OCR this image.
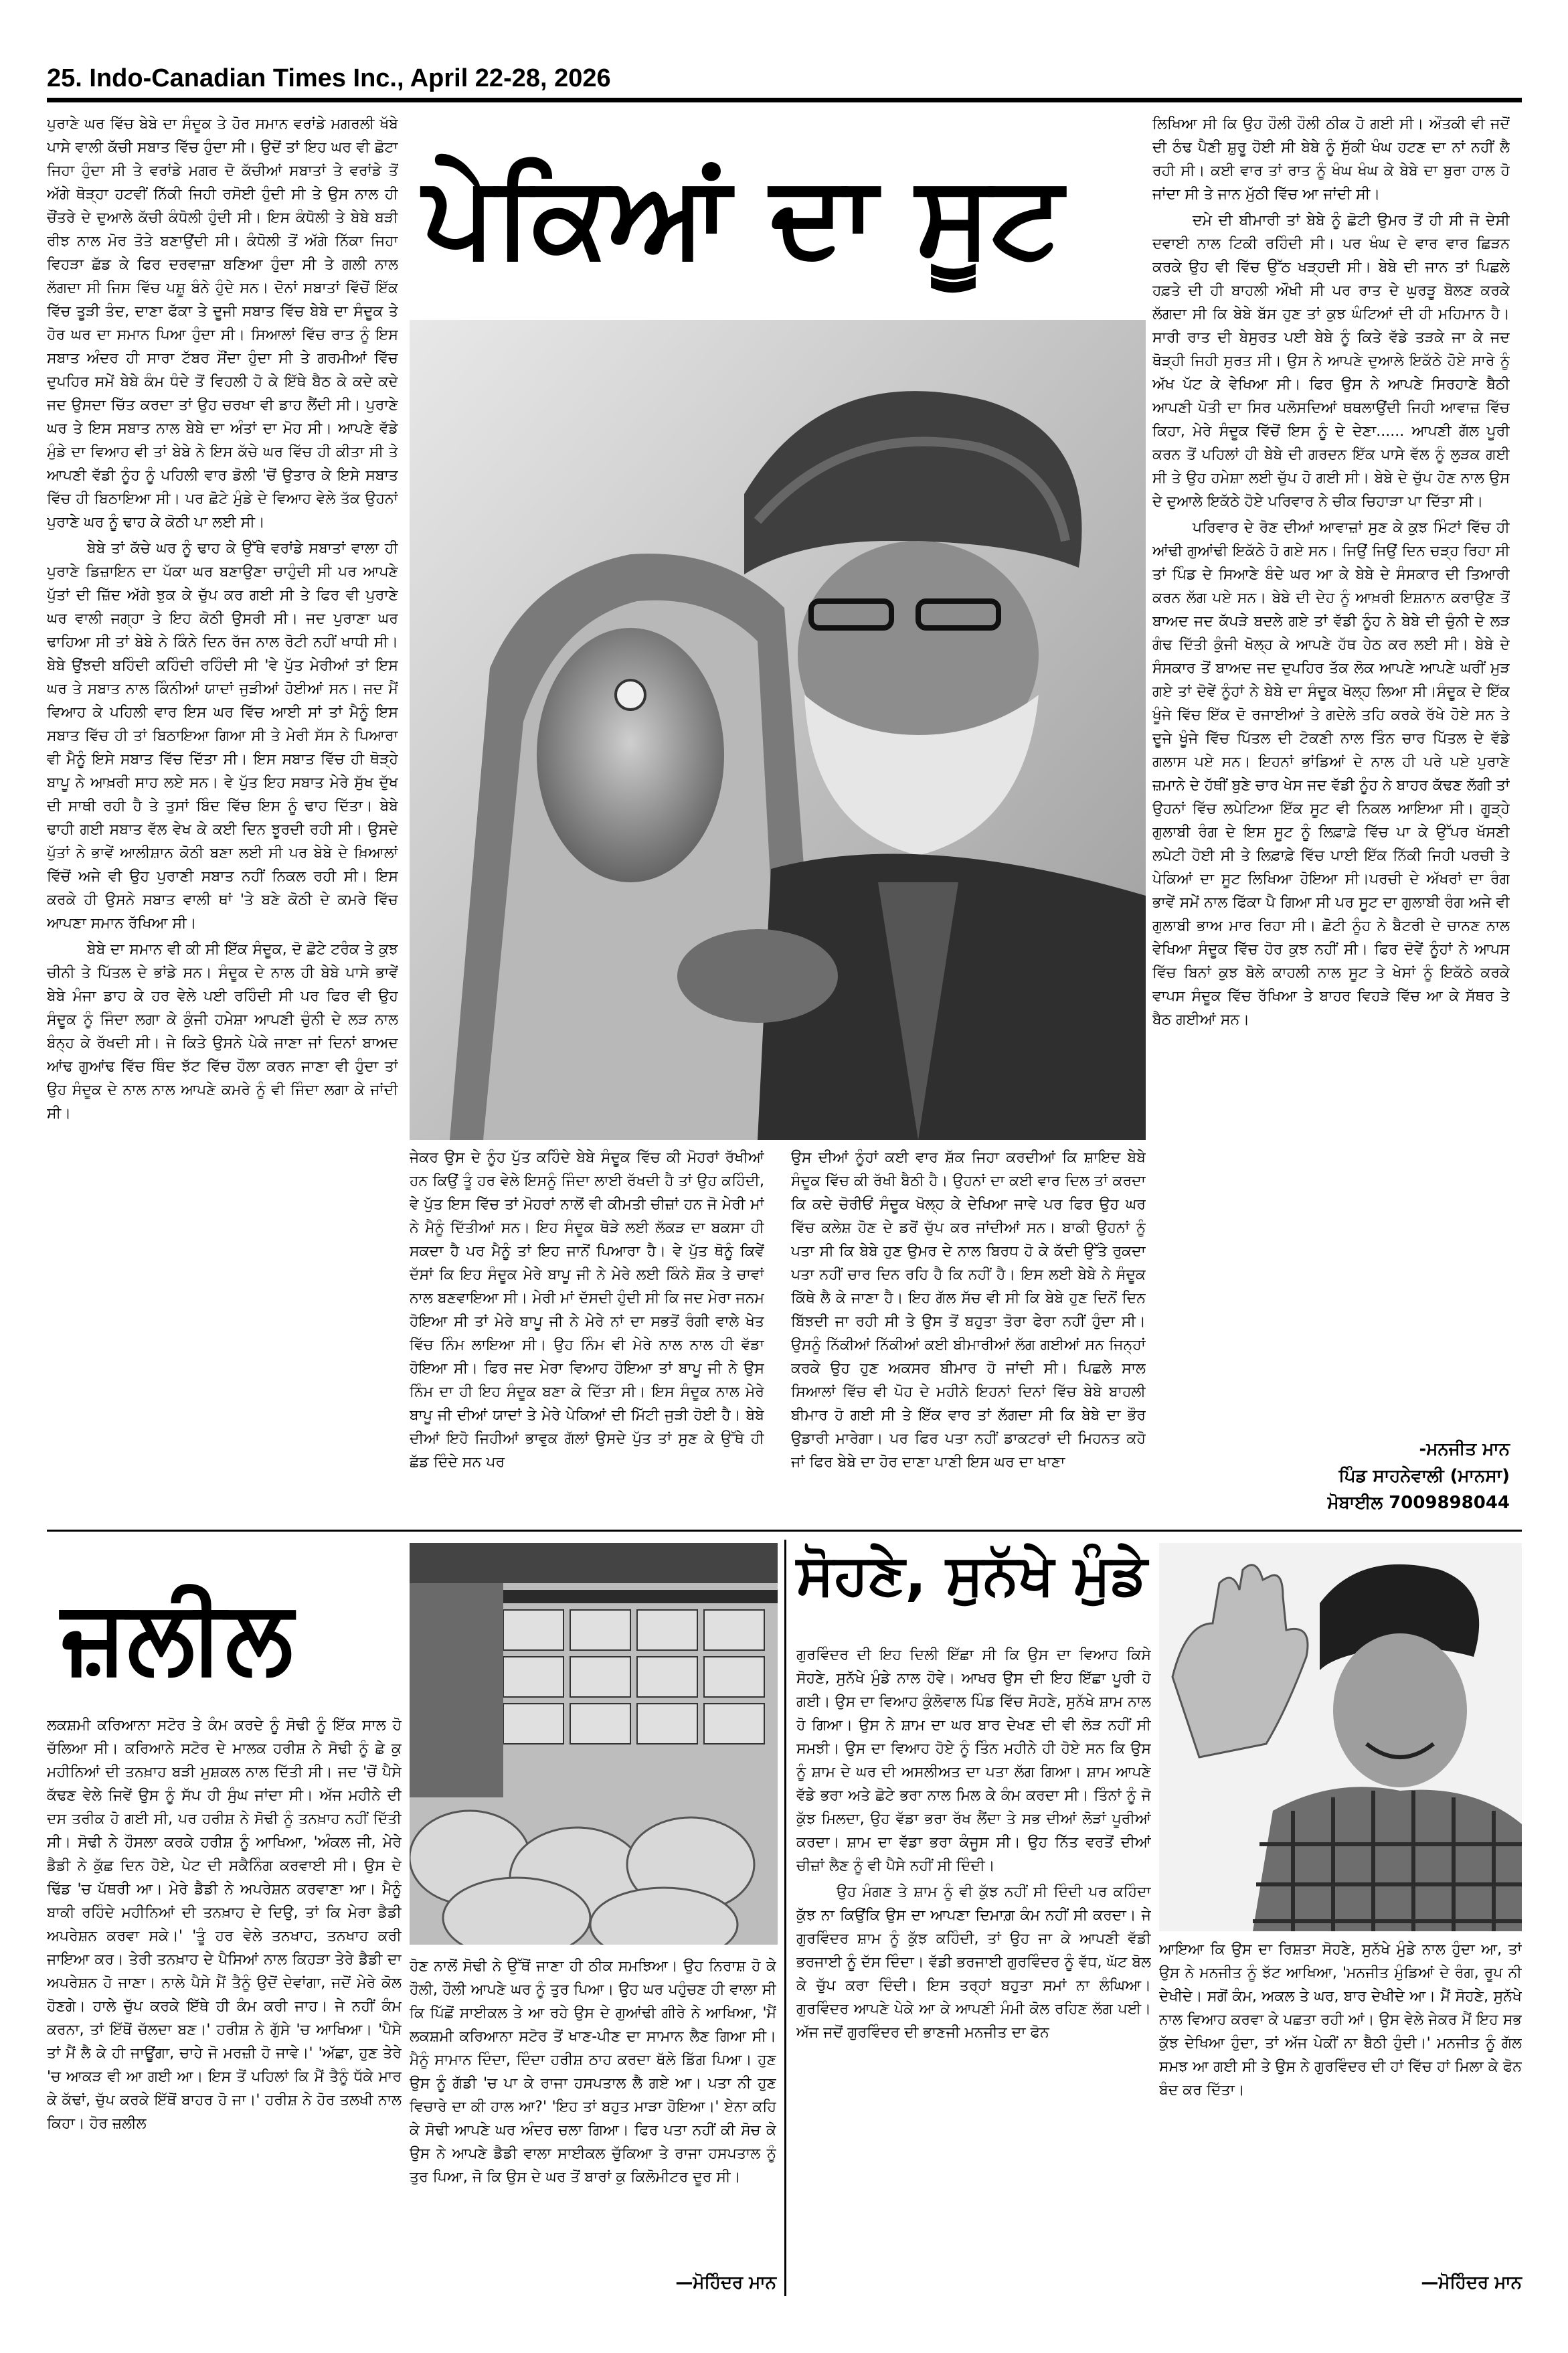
25. Indo-Canadian Times Inc., April 22-28, 2026

ਪੁਰਾਣੇ ਘਰ ਵਿੱਚ ਬੇਬੇ ਦਾ ਸੰਦੂਕ ਤੇ ਹੋਰ ਸਮਾਨ ਵਰਾਂਡੇ ਮਗਰਲੀ ਖੱਬੇ ਪਾਸੇ ਵਾਲੀ ਕੱਚੀ ਸਬਾਤ ਵਿੱਚ ਹੁੰਦਾ ਸੀ। ਉਦੋਂ ਤਾਂ ਇਹ ਘਰ ਵੀ ਛੋਟਾ ਜਿਹਾ ਹੁੰਦਾ ਸੀ ਤੇ ਵਰਾਂਡੇ ਮਗਰ ਦੋ ਕੱਚੀਆਂ ਸਬਾਤਾਂ ਤੇ ਵਰਾਂਡੇ ਤੋਂ ਅੱਗੇ ਥੋੜ੍ਹਾ ਹਟਵੀਂ ਨਿੱਕੀ ਜਿਹੀ ਰਸੋਈ ਹੁੰਦੀ ਸੀ ਤੇ ਉਸ ਨਾਲ ਹੀ ਚੌਂਤਰੇ ਦੇ ਦੁਆਲੇ ਕੱਚੀ ਕੰਧੋਲੀ ਹੁੰਦੀ ਸੀ। ਇਸ ਕੰਧੋਲੀ ਤੇ ਬੇਬੇ ਬੜੀ ਰੀਝ ਨਾਲ ਮੋਰ ਤੋਤੇ ਬਣਾਉਂਦੀ ਸੀ। ਕੰਧੋਲੀ ਤੋਂ ਅੱਗੇ ਨਿੱਕਾ ਜਿਹਾ ਵਿਹੜਾ ਛੱਡ ਕੇ ਫਿਰ ਦਰਵਾਜ਼ਾ ਬਣਿਆ ਹੁੰਦਾ ਸੀ ਤੇ ਗਲੀ ਨਾਲ ਲੱਗਦਾ ਸੀ ਜਿਸ ਵਿੱਚ ਪਸ਼ੂ ਬੰਨੇ ਹੁੰਦੇ ਸਨ। ਦੋਨਾਂ ਸਬਾਤਾਂ ਵਿੱਚੋਂ ਇੱਕ ਵਿੱਚ ਤੂੜੀ ਤੰਦ, ਦਾਣਾ ਫੱਕਾ ਤੇ ਦੂਜੀ ਸਬਾਤ ਵਿੱਚ ਬੇਬੇ ਦਾ ਸੰਦੂਕ ਤੇ ਹੋਰ ਘਰ ਦਾ ਸਮਾਨ ਪਿਆ ਹੁੰਦਾ ਸੀ। ਸਿਆਲਾਂ ਵਿੱਚ ਰਾਤ ਨੂੰ ਇਸ ਸਬਾਤ ਅੰਦਰ ਹੀ ਸਾਰਾ ਟੱਬਰ ਸੌਂਦਾ ਹੁੰਦਾ ਸੀ ਤੇ ਗਰਮੀਆਂ ਵਿੱਚ ਦੁਪਹਿਰ ਸਮੇਂ ਬੇਬੇ ਕੰਮ ਧੰਦੇ ਤੋਂ ਵਿਹਲੀ ਹੋ ਕੇ ਇੱਥੇ ਬੈਠ ਕੇ ਕਦੇ ਕਦੇ ਜਦ ਉਸਦਾ ਚਿੱਤ ਕਰਦਾ ਤਾਂ ਉਹ ਚਰਖਾ ਵੀ ਡਾਹ ਲੈਂਦੀ ਸੀ। ਪੁਰਾਣੇ ਘਰ ਤੇ ਇਸ ਸਬਾਤ ਨਾਲ ਬੇਬੇ ਦਾ ਅੰਤਾਂ ਦਾ ਮੋਹ ਸੀ। ਆਪਣੇ ਵੱਡੇ ਮੁੰਡੇ ਦਾ ਵਿਆਹ ਵੀ ਤਾਂ ਬੇਬੇ ਨੇ ਇਸ ਕੱਚੇ ਘਰ ਵਿੱਚ ਹੀ ਕੀਤਾ ਸੀ ਤੇ ਆਪਣੀ ਵੱਡੀ ਨੂੰਹ ਨੂੰ ਪਹਿਲੀ ਵਾਰ ਡੋਲੀ 'ਚੋਂ ਉਤਾਰ ਕੇ ਇਸੇ ਸਬਾਤ ਵਿੱਚ ਹੀ ਬਿਠਾਇਆ ਸੀ। ਪਰ ਛੋਟੇ ਮੁੰਡੇ ਦੇ ਵਿਆਹ ਵੇਲੇ ਤੱਕ ਉਹਨਾਂ ਪੁਰਾਣੇ ਘਰ ਨੂੰ ਢਾਹ ਕੇ ਕੋਠੀ ਪਾ ਲਈ ਸੀ।

ਬੇਬੇ ਤਾਂ ਕੱਚੇ ਘਰ ਨੂੰ ਢਾਹ ਕੇ ਉੱਥੇ ਵਰਾਂਡੇ ਸਬਾਤਾਂ ਵਾਲਾ ਹੀ ਪੁਰਾਣੇ ਡਿਜ਼ਾਇਨ ਦਾ ਪੱਕਾ ਘਰ ਬਣਾਉਣਾ ਚਾਹੁੰਦੀ ਸੀ ਪਰ ਆਪਣੇ ਪੁੱਤਾਂ ਦੀ ਜ਼ਿੱਦ ਅੱਗੇ ਝੁਕ ਕੇ ਚੁੱਪ ਕਰ ਗਈ ਸੀ ਤੇ ਫਿਰ ਵੀ ਪੁਰਾਣੇ ਘਰ ਵਾਲੀ ਜਗ੍ਹਾ ਤੇ ਇਹ ਕੋਠੀ ਉਸਰੀ ਸੀ। ਜਦ ਪੁਰਾਣਾ ਘਰ ਢਾਹਿਆ ਸੀ ਤਾਂ ਬੇਬੇ ਨੇ ਕਿੰਨੇ ਦਿਨ ਰੱਜ ਨਾਲ ਰੋਟੀ ਨਹੀਂ ਖਾਧੀ ਸੀ। ਬੇਬੇ ਉਂਝਦੀ ਬਹਿੰਦੀ ਕਹਿੰਦੀ ਰਹਿੰਦੀ ਸੀ 'ਵੇ ਪੁੱਤ ਮੇਰੀਆਂ ਤਾਂ ਇਸ ਘਰ ਤੇ ਸਬਾਤ ਨਾਲ ਕਿੰਨੀਆਂ ਯਾਦਾਂ ਜੁੜੀਆਂ ਹੋਈਆਂ ਸਨ। ਜਦ ਮੈਂ ਵਿਆਹ ਕੇ ਪਹਿਲੀ ਵਾਰ ਇਸ ਘਰ ਵਿੱਚ ਆਈ ਸਾਂ ਤਾਂ ਮੈਨੂੰ ਇਸ ਸਬਾਤ ਵਿੱਚ ਹੀ ਤਾਂ ਬਿਠਾਇਆ ਗਿਆ ਸੀ ਤੇ ਮੇਰੀ ਸੱਸ ਨੇ ਪਿਆਰਾ ਵੀ ਮੈਨੂੰ ਇਸੇ ਸਬਾਤ ਵਿੱਚ ਦਿੱਤਾ ਸੀ। ਇਸ ਸਬਾਤ ਵਿੱਚ ਹੀ ਥੋੜ੍ਹੇ ਬਾਪੂ ਨੇ ਆਖ਼ਰੀ ਸਾਹ ਲਏ ਸਨ। ਵੇ ਪੁੱਤ ਇਹ ਸਬਾਤ ਮੇਰੇ ਸੁੱਖ ਦੁੱਖ ਦੀ ਸਾਥੀ ਰਹੀ ਹੈ ਤੇ ਤੁਸਾਂ ਬਿੰਦ ਵਿੱਚ ਇਸ ਨੂੰ ਢਾਹ ਦਿੱਤਾ। ਬੇਬੇ ਢਾਹੀ ਗਈ ਸਬਾਤ ਵੱਲ ਵੇਖ ਕੇ ਕਈ ਦਿਨ ਝੂਰਦੀ ਰਹੀ ਸੀ। ਉਸਦੇ ਪੁੱਤਾਂ ਨੇ ਭਾਵੇਂ ਆਲੀਸ਼ਾਨ ਕੋਠੀ ਬਣਾ ਲਈ ਸੀ ਪਰ ਬੇਬੇ ਦੇ ਖ਼ਿਆਲਾਂ ਵਿੱਚੋਂ ਅਜੇ ਵੀ ਉਹ ਪੁਰਾਣੀ ਸਬਾਤ ਨਹੀਂ ਨਿਕਲ ਰਹੀ ਸੀ। ਇਸ ਕਰਕੇ ਹੀ ਉਸਨੇ ਸਬਾਤ ਵਾਲੀ ਥਾਂ 'ਤੇ ਬਣੇ ਕੋਠੀ ਦੇ ਕਮਰੇ ਵਿੱਚ ਆਪਣਾ ਸਮਾਨ ਰੱਖਿਆ ਸੀ।

ਬੇਬੇ ਦਾ ਸਮਾਨ ਵੀ ਕੀ ਸੀ ਇੱਕ ਸੰਦੂਕ, ਦੋ ਛੋਟੇ ਟਰੰਕ ਤੇ ਕੁਝ ਚੀਨੀ ਤੇ ਪਿੱਤਲ ਦੇ ਭਾਂਡੇ ਸਨ। ਸੰਦੂਕ ਦੇ ਨਾਲ ਹੀ ਬੇਬੇ ਪਾਸੇ ਭਾਵੇਂ ਬੇਬੇ ਮੰਜਾ ਡਾਹ ਕੇ ਹਰ ਵੇਲੇ ਪਈ ਰਹਿੰਦੀ ਸੀ ਪਰ ਫਿਰ ਵੀ ਉਹ ਸੰਦੂਕ ਨੂੰ ਜਿੰਦਾ ਲਗਾ ਕੇ ਕੁੰਜੀ ਹਮੇਸ਼ਾ ਆਪਣੀ ਚੁੰਨੀ ਦੇ ਲੜ ਨਾਲ ਬੰਨ੍ਹ ਕੇ ਰੱਖਦੀ ਸੀ। ਜੇ ਕਿਤੇ ਉਸਨੇ ਪੇਕੇ ਜਾਣਾ ਜਾਂ ਦਿਨਾਂ ਬਾਅਦ ਆਂਢ ਗੁਆਂਢ ਵਿੱਚ ਥਿੰਦ ਝੱਟ ਵਿੱਚ ਹੌਲਾ ਕਰਨ ਜਾਣਾ ਵੀ ਹੁੰਦਾ ਤਾਂ ਉਹ ਸੰਦੂਕ ਦੇ ਨਾਲ ਨਾਲ ਆਪਣੇ ਕਮਰੇ ਨੂੰ ਵੀ ਜਿੰਦਾ ਲਗਾ ਕੇ ਜਾਂਦੀ ਸੀ।

ਪੇਕਿਆਂ ਦਾ ਸੂਟ

ਜੇਕਰ ਉਸ ਦੇ ਨੂੰਹ ਪੁੱਤ ਕਹਿੰਦੇ ਬੇਬੇ ਸੰਦੂਕ ਵਿੱਚ ਕੀ ਮੋਹਰਾਂ ਰੱਖੀਆਂ ਹਨ ਕਿਉਂ ਤੂੰ ਹਰ ਵੇਲੇ ਇਸਨੂੰ ਜਿੰਦਾ ਲਾਈ ਰੱਖਦੀ ਹੈ ਤਾਂ ਉਹ ਕਹਿੰਦੀ, ਵੇ ਪੁੱਤ ਇਸ ਵਿੱਚ ਤਾਂ ਮੋਹਰਾਂ ਨਾਲੋਂ ਵੀ ਕੀਮਤੀ ਚੀਜ਼ਾਂ ਹਨ ਜੋ ਮੇਰੀ ਮਾਂ ਨੇ ਮੈਨੂੰ ਦਿੱਤੀਆਂ ਸਨ। ਇਹ ਸੰਦੂਕ ਥੋੜੇ ਲਈ ਲੱਕੜ ਦਾ ਬਕਸਾ ਹੀ ਸਕਦਾ ਹੈ ਪਰ ਮੈਨੂੰ ਤਾਂ ਇਹ ਜਾਨੋਂ ਪਿਆਰਾ ਹੈ। ਵੇ ਪੁੱਤ ਥੋਨੂੰ ਕਿਵੇਂ ਦੱਸਾਂ ਕਿ ਇਹ ਸੰਦੂਕ ਮੇਰੇ ਬਾਪੂ ਜੀ ਨੇ ਮੇਰੇ ਲਈ ਕਿੰਨੇ ਸ਼ੌਕ ਤੇ ਚਾਵਾਂ ਨਾਲ ਬਣਵਾਇਆ ਸੀ। ਮੇਰੀ ਮਾਂ ਦੱਸਦੀ ਹੁੰਦੀ ਸੀ ਕਿ ਜਦ ਮੇਰਾ ਜਨਮ ਹੋਇਆ ਸੀ ਤਾਂ ਮੇਰੇ ਬਾਪੂ ਜੀ ਨੇ ਮੇਰੇ ਨਾਂ ਦਾ ਸਭਤੋਂ ਰੰਗੀ ਵਾਲੇ ਖੇਤ ਵਿੱਚ ਨਿੰਮ ਲਾਇਆ ਸੀ। ਉਹ ਨਿੰਮ ਵੀ ਮੇਰੇ ਨਾਲ ਨਾਲ ਹੀ ਵੱਡਾ ਹੋਇਆ ਸੀ। ਫਿਰ ਜਦ ਮੇਰਾ ਵਿਆਹ ਹੋਇਆ ਤਾਂ ਬਾਪੂ ਜੀ ਨੇ ਉਸ ਨਿੰਮ ਦਾ ਹੀ ਇਹ ਸੰਦੂਕ ਬਣਾ ਕੇ ਦਿੱਤਾ ਸੀ। ਇਸ ਸੰਦੂਕ ਨਾਲ ਮੇਰੇ ਬਾਪੂ ਜੀ ਦੀਆਂ ਯਾਦਾਂ ਤੇ ਮੇਰੇ ਪੇਕਿਆਂ ਦੀ ਮਿੱਟੀ ਜੁੜੀ ਹੋਈ ਹੈ। ਬੇਬੇ ਦੀਆਂ ਇਹੋ ਜਿਹੀਆਂ ਭਾਵੁਕ ਗੱਲਾਂ ਉਸਦੇ ਪੁੱਤ ਤਾਂ ਸੁਣ ਕੇ ਉੱਥੇ ਹੀ ਛੱਡ ਦਿੰਦੇ ਸਨ ਪਰ

ਉਸ ਦੀਆਂ ਨੂੰਹਾਂ ਕਈ ਵਾਰ ਸ਼ੱਕ ਜਿਹਾ ਕਰਦੀਆਂ ਕਿ ਸ਼ਾਇਦ ਬੇਬੇ ਸੰਦੂਕ ਵਿੱਚ ਕੀ ਰੱਖੀ ਬੈਠੀ ਹੈ। ਉਹਨਾਂ ਦਾ ਕਈ ਵਾਰ ਦਿਲ ਤਾਂ ਕਰਦਾ ਕਿ ਕਦੇ ਚੋਰੀਓਂ ਸੰਦੂਕ ਖੋਲ੍ਹ ਕੇ ਦੇਖਿਆ ਜਾਵੇ ਪਰ ਫਿਰ ਉਹ ਘਰ ਵਿੱਚ ਕਲੇਸ਼ ਹੋਣ ਦੇ ਡਰੋਂ ਚੁੱਪ ਕਰ ਜਾਂਦੀਆਂ ਸਨ। ਬਾਕੀ ਉਹਨਾਂ ਨੂੰ ਪਤਾ ਸੀ ਕਿ ਬੇਬੇ ਹੁਣ ਉਮਰ ਦੇ ਨਾਲ ਬਿਰਧ ਹੋ ਕੇ ਕੱਦੀ ਉੱਤੇ ਰੁਕਦਾ ਪਤਾ ਨਹੀਂ ਚਾਰ ਦਿਨ ਰਹਿ ਹੈ ਕਿ ਨਹੀਂ ਹੈ। ਇਸ ਲਈ ਬੇਬੇ ਨੇ ਸੰਦੂਕ ਕਿੱਥੇ ਲੈ ਕੇ ਜਾਣਾ ਹੈ। ਇਹ ਗੱਲ ਸੱਚ ਵੀ ਸੀ ਕਿ ਬੇਬੇ ਹੁਣ ਦਿਨੋਂ ਦਿਨ ਬਿੱਝਦੀ ਜਾ ਰਹੀ ਸੀ ਤੇ ਉਸ ਤੋਂ ਬਹੁਤਾ ਤੋਰਾ ਫੇਰਾ ਨਹੀਂ ਹੁੰਦਾ ਸੀ। ਉਸਨੂੰ ਨਿੱਕੀਆਂ ਨਿੱਕੀਆਂ ਕਈ ਬੀਮਾਰੀਆਂ ਲੱਗ ਗਈਆਂ ਸਨ ਜਿਨ੍ਹਾਂ ਕਰਕੇ ਉਹ ਹੁਣ ਅਕਸਰ ਬੀਮਾਰ ਹੋ ਜਾਂਦੀ ਸੀ। ਪਿਛਲੇ ਸਾਲ ਸਿਆਲਾਂ ਵਿੱਚ ਵੀ ਪੋਹ ਦੇ ਮਹੀਨੇ ਇਹਨਾਂ ਦਿਨਾਂ ਵਿੱਚ ਬੇਬੇ ਬਾਹਲੀ ਬੀਮਾਰ ਹੋ ਗਈ ਸੀ ਤੇ ਇੱਕ ਵਾਰ ਤਾਂ ਲੱਗਦਾ ਸੀ ਕਿ ਬੇਬੇ ਦਾ ਭੌਰ ਉਡਾਰੀ ਮਾਰੇਗਾ। ਪਰ ਫਿਰ ਪਤਾ ਨਹੀਂ ਡਾਕਟਰਾਂ ਦੀ ਮਿਹਨਤ ਕਹੋ ਜਾਂ ਫਿਰ ਬੇਬੇ ਦਾ ਹੋਰ ਦਾਣਾ ਪਾਣੀ ਇਸ ਘਰ ਦਾ ਖਾਣਾ

ਲਿਖਿਆ ਸੀ ਕਿ ਉਹ ਹੌਲੀ ਹੌਲੀ ਠੀਕ ਹੋ ਗਈ ਸੀ। ਔਤਕੀ ਵੀ ਜਦੋਂ ਦੀ ਠੰਢ ਪੈਣੀ ਸ਼ੁਰੂ ਹੋਈ ਸੀ ਬੇਬੇ ਨੂੰ ਸੁੱਕੀ ਖੰਘ ਹਟਣ ਦਾ ਨਾਂ ਨਹੀਂ ਲੈ ਰਹੀ ਸੀ। ਕਈ ਵਾਰ ਤਾਂ ਰਾਤ ਨੂੰ ਖੰਘ ਖੰਘ ਕੇ ਬੇਬੇ ਦਾ ਬੁਰਾ ਹਾਲ ਹੋ ਜਾਂਦਾ ਸੀ ਤੇ ਜਾਨ ਮੁੱਠੀ ਵਿੱਚ ਆ ਜਾਂਦੀ ਸੀ।

ਦਮੇ ਦੀ ਬੀਮਾਰੀ ਤਾਂ ਬੇਬੇ ਨੂੰ ਛੋਟੀ ਉਮਰ ਤੋਂ ਹੀ ਸੀ ਜੋ ਦੇਸੀ ਦਵਾਈ ਨਾਲ ਟਿਕੀ ਰਹਿੰਦੀ ਸੀ। ਪਰ ਖੰਘ ਦੇ ਵਾਰ ਵਾਰ ਛਿੜਨ ਕਰਕੇ ਉਹ ਵੀ ਵਿੱਚ ਉੱਠ ਖੜ੍ਹਦੀ ਸੀ। ਬੇਬੇ ਦੀ ਜਾਨ ਤਾਂ ਪਿਛਲੇ ਹਫ਼ਤੇ ਦੀ ਹੀ ਬਾਹਲੀ ਔਖੀ ਸੀ ਪਰ ਰਾਤ ਦੇ ਘੁਰੜੂ ਬੋਲਣ ਕਰਕੇ ਲੱਗਦਾ ਸੀ ਕਿ ਬੇਬੇ ਬੱਸ ਹੁਣ ਤਾਂ ਕੁਝ ਘੰਟਿਆਂ ਦੀ ਹੀ ਮਹਿਮਾਨ ਹੈ। ਸਾਰੀ ਰਾਤ ਦੀ ਬੇਸੁਰਤ ਪਈ ਬੇਬੇ ਨੂੰ ਕਿਤੇ ਵੱਡੇ ਤੜਕੇ ਜਾ ਕੇ ਜਦ ਥੋੜ੍ਹੀ ਜਿਹੀ ਸੁਰਤ ਸੀ। ਉਸ ਨੇ ਆਪਣੇ ਦੁਆਲੇ ਇਕੱਠੇ ਹੋਏ ਸਾਰੇ ਨੂੰ ਅੱਖ ਪੱਟ ਕੇ ਵੇਖਿਆ ਸੀ। ਫਿਰ ਉਸ ਨੇ ਆਪਣੇ ਸਿਰਹਾਣੇ ਬੈਠੀ ਆਪਣੀ ਪੋਤੀ ਦਾ ਸਿਰ ਪਲੋਸਦਿਆਂ ਥਥਲਾਉਂਦੀ ਜਿਹੀ ਆਵਾਜ਼ ਵਿੱਚ ਕਿਹਾ, ਮੇਰੇ ਸੰਦੂਕ ਵਿੱਚੋਂ ਇਸ ਨੂੰ ਦੇ ਦੇਣਾ...... ਆਪਣੀ ਗੱਲ ਪੂਰੀ ਕਰਨ ਤੋਂ ਪਹਿਲਾਂ ਹੀ ਬੇਬੇ ਦੀ ਗਰਦਨ ਇੱਕ ਪਾਸੇ ਵੱਲ ਨੂੰ ਲੁੜਕ ਗਈ ਸੀ ਤੇ ਉਹ ਹਮੇਸ਼ਾ ਲਈ ਚੁੱਪ ਹੋ ਗਈ ਸੀ। ਬੇਬੇ ਦੇ ਚੁੱਪ ਹੋਣ ਨਾਲ ਉਸ ਦੇ ਦੁਆਲੇ ਇਕੱਠੇ ਹੋਏ ਪਰਿਵਾਰ ਨੇ ਚੀਕ ਚਿਹਾੜਾ ਪਾ ਦਿੱਤਾ ਸੀ।

ਪਰਿਵਾਰ ਦੇ ਰੋਣ ਦੀਆਂ ਆਵਾਜ਼ਾਂ ਸੁਣ ਕੇ ਕੁਝ ਮਿੰਟਾਂ ਵਿੱਚ ਹੀ ਆਂਢੀ ਗੁਆਂਢੀ ਇਕੱਠੇ ਹੋ ਗਏ ਸਨ। ਜਿਉਂ ਜਿਉਂ ਦਿਨ ਚੜ੍ਹ ਰਿਹਾ ਸੀ ਤਾਂ ਪਿੰਡ ਦੇ ਸਿਆਣੇ ਬੰਦੇ ਘਰ ਆ ਕੇ ਬੇਬੇ ਦੇ ਸੰਸਕਾਰ ਦੀ ਤਿਆਰੀ ਕਰਨ ਲੱਗ ਪਏ ਸਨ। ਬੇਬੇ ਦੀ ਦੇਹ ਨੂੰ ਆਖ਼ਰੀ ਇਸ਼ਨਾਨ ਕਰਾਉਣ ਤੋਂ ਬਾਅਦ ਜਦ ਕੱਪੜੇ ਬਦਲੇ ਗਏ ਤਾਂ ਵੱਡੀ ਨੂੰਹ ਨੇ ਬੇਬੇ ਦੀ ਚੁੰਨੀ ਦੇ ਲੜ ਗੰਢ ਦਿੱਤੀ ਕੁੰਜੀ ਖੋਲ੍ਹ ਕੇ ਆਪਣੇ ਹੱਥ ਹੇਠ ਕਰ ਲਈ ਸੀ। ਬੇਬੇ ਦੇ ਸੰਸਕਾਰ ਤੋਂ ਬਾਅਦ ਜਦ ਦੁਪਹਿਰ ਤੱਕ ਲੋਕ ਆਪਣੇ ਆਪਣੇ ਘਰੀਂ ਮੁੜ ਗਏ ਤਾਂ ਦੋਵੇਂ ਨੂੰਹਾਂ ਨੇ ਬੇਬੇ ਦਾ ਸੰਦੂਕ ਖੋਲ੍ਹ ਲਿਆ ਸੀ।ਸੰਦੂਕ ਦੇ ਇੱਕ ਖੂੰਜੇ ਵਿੱਚ ਇੱਕ ਦੋ ਰਜਾਈਆਂ ਤੇ ਗਦੇਲੇ ਤਹਿ ਕਰਕੇ ਰੱਖੇ ਹੋਏ ਸਨ ਤੇ ਦੂਜੇ ਖੂੰਜੇ ਵਿੱਚ ਪਿੱਤਲ ਦੀ ਟੋਕਣੀ ਨਾਲ ਤਿੰਨ ਚਾਰ ਪਿੱਤਲ ਦੇ ਵੱਡੇ ਗਲਾਸ ਪਏ ਸਨ। ਇਹਨਾਂ ਭਾਂਡਿਆਂ ਦੇ ਨਾਲ ਹੀ ਪਰੇ ਪਏ ਪੁਰਾਣੇ ਜ਼ਮਾਨੇ ਦੇ ਹੱਥੀਂ ਬੁਣੇ ਚਾਰ ਖੇਸ ਜਦ ਵੱਡੀ ਨੂੰਹ ਨੇ ਬਾਹਰ ਕੱਢਣ ਲੱਗੀ ਤਾਂ ਉਹਨਾਂ ਵਿੱਚ ਲਪੇਟਿਆ ਇੱਕ ਸੂਟ ਵੀ ਨਿਕਲ ਆਇਆ ਸੀ। ਗੂੜ੍ਹੇ ਗੁਲਾਬੀ ਰੰਗ ਦੇ ਇਸ ਸੂਟ ਨੂੰ ਲਿਫ਼ਾਫ਼ੇ ਵਿੱਚ ਪਾ ਕੇ ਉੱਪਰ ਖੱਸਣੀ ਲਪੇਟੀ ਹੋਈ ਸੀ ਤੇ ਲਿਫ਼ਾਫ਼ੇ ਵਿੱਚ ਪਾਈ ਇੱਕ ਨਿੱਕੀ ਜਿਹੀ ਪਰਚੀ ਤੇ ਪੇਕਿਆਂ ਦਾ ਸੂਟ ਲਿਖਿਆ ਹੋਇਆ ਸੀ।ਪਰਚੀ ਦੇ ਅੱਖਰਾਂ ਦਾ ਰੰਗ ਭਾਵੇਂ ਸਮੇਂ ਨਾਲ ਫਿੱਕਾ ਪੈ ਗਿਆ ਸੀ ਪਰ ਸੂਟ ਦਾ ਗੁਲਾਬੀ ਰੰਗ ਅਜੇ ਵੀ ਗੁਲਾਬੀ ਭਾਅ ਮਾਰ ਰਿਹਾ ਸੀ। ਛੋਟੀ ਨੂੰਹ ਨੇ ਬੈਟਰੀ ਦੇ ਚਾਨਣ ਨਾਲ ਵੇਖਿਆ ਸੰਦੂਕ ਵਿੱਚ ਹੋਰ ਕੁਝ ਨਹੀਂ ਸੀ। ਫਿਰ ਦੋਵੇਂ ਨੂੰਹਾਂ ਨੇ ਆਪਸ ਵਿੱਚ ਬਿਨਾਂ ਕੁਝ ਬੋਲੇ ਕਾਹਲੀ ਨਾਲ ਸੂਟ ਤੇ ਖੇਸਾਂ ਨੂੰ ਇਕੱਠੇ ਕਰਕੇ ਵਾਪਸ ਸੰਦੂਕ ਵਿੱਚ ਰੱਖਿਆ ਤੇ ਬਾਹਰ ਵਿਹੜੇ ਵਿੱਚ ਆ ਕੇ ਸੱਥਰ ਤੇ ਬੈਠ ਗਈਆਂ ਸਨ।

-ਮਨਜੀਤ ਮਾਨ
ਪਿੰਡ ਸਾਹਨੇਵਾਲੀ (ਮਾਨਸਾ)
ਮੋਬਾਈਲ 7009898044
ਜ਼ਲੀਲ

ਲਕਸ਼ਮੀ ਕਰਿਆਨਾ ਸਟੋਰ ਤੇ ਕੰਮ ਕਰਦੇ ਨੂੰ ਸੋਢੀ ਨੂੰ ਇੱਕ ਸਾਲ ਹੋ ਚੱਲਿਆ ਸੀ। ਕਰਿਆਨੇ ਸਟੋਰ ਦੇ ਮਾਲਕ ਹਰੀਸ਼ ਨੇ ਸੋਢੀ ਨੂੰ ਛੇ ਕੁ ਮਹੀਨਿਆਂ ਦੀ ਤਨਖ਼ਾਹ ਬੜੀ ਮੁਸ਼ਕਲ ਨਾਲ ਦਿੱਤੀ ਸੀ। ਜਦ 'ਚੋਂ ਪੈਸੇ ਕੱਢਣ ਵੇਲੇ ਜਿਵੇਂ ਉਸ ਨੂੰ ਸੱਪ ਹੀ ਸੁੰਘ ਜਾਂਦਾ ਸੀ। ਅੱਜ ਮਹੀਨੇ ਦੀ ਦਸ ਤਰੀਕ ਹੋ ਗਈ ਸੀ, ਪਰ ਹਰੀਸ਼ ਨੇ ਸੋਢੀ ਨੂੰ ਤਨਖ਼ਾਹ ਨਹੀਂ ਦਿੱਤੀ ਸੀ। ਸੋਢੀ ਨੇ ਹੌਸਲਾ ਕਰਕੇ ਹਰੀਸ਼ ਨੂੰ ਆਖਿਆ, 'ਅੰਕਲ ਜੀ, ਮੇਰੇ ਡੈਡੀ ਨੇ ਕੁੱਛ ਦਿਨ ਹੋਏ, ਪੇਟ ਦੀ ਸਕੈਨਿੰਗ ਕਰਵਾਈ ਸੀ। ਉਸ ਦੇ ਢਿੱਡ 'ਚ ਪੱਥਰੀ ਆ। ਮੇਰੇ ਡੈਡੀ ਨੇ ਅਪਰੇਸ਼ਨ ਕਰਵਾਣਾ ਆ। ਮੈਨੂੰ ਬਾਕੀ ਰਹਿੰਦੇ ਮਹੀਨਿਆਂ ਦੀ ਤਨਖ਼ਾਹ ਦੇ ਦਿਉ, ਤਾਂ ਕਿ ਮੇਰਾ ਡੈਡੀ ਅਪਰੇਸ਼ਨ ਕਰਵਾ ਸਕੇ।' 'ਤੂੰ ਹਰ ਵੇਲੇ ਤਨਖਾਹ, ਤਨਖਾਹ ਕਰੀ ਜਾਇਆ ਕਰ। ਤੇਰੀ ਤਨਖ਼ਾਹ ਦੇ ਪੈਸਿਆਂ ਨਾਲ ਕਿਹੜਾ ਤੇਰੇ ਡੈਡੀ ਦਾ ਅਪਰੇਸ਼ਨ ਹੋ ਜਾਣਾ। ਨਾਲੇ ਪੈਸੇ ਮੈਂ ਤੈਨੂੰ ਉਦੋਂ ਦੇਵਾਂਗਾ, ਜਦੋਂ ਮੇਰੇ ਕੋਲ ਹੋਣਗੇ। ਹਾਲੇ ਚੁੱਪ ਕਰਕੇ ਇੱਥੇ ਹੀ ਕੰਮ ਕਰੀ ਜਾਹ। ਜੇ ਨਹੀਂ ਕੰਮ ਕਰਨਾ, ਤਾਂ ਇੱਥੋਂ ਚੱਲਦਾ ਬਣ।' ਹਰੀਸ਼ ਨੇ ਗੁੱਸੇ 'ਚ ਆਖਿਆ। 'ਪੈਸੇ ਤਾਂ ਮੈਂ ਲੈ ਕੇ ਹੀ ਜਾਊਂਗਾ, ਚਾਹੇ ਜੋ ਮਰਜ਼ੀ ਹੋ ਜਾਵੇ।' 'ਅੱਛਾ, ਹੁਣ ਤੇਰੇ 'ਚ ਆਕੜ ਵੀ ਆ ਗਈ ਆ। ਇਸ ਤੋਂ ਪਹਿਲਾਂ ਕਿ ਮੈਂ ਤੈਨੂੰ ਧੱਕੇ ਮਾਰ ਕੇ ਕੱਢਾਂ, ਚੁੱਪ ਕਰਕੇ ਇੱਥੋਂ ਬਾਹਰ ਹੋ ਜਾ।' ਹਰੀਸ਼ ਨੇ ਹੋਰ ਤਲਖੀ ਨਾਲ ਕਿਹਾ। ਹੋਰ ਜ਼ਲੀਲ

ਹੋਣ ਨਾਲੋਂ ਸੋਢੀ ਨੇ ਉੱਥੋਂ ਜਾਣਾ ਹੀ ਠੀਕ ਸਮਝਿਆ। ਉਹ ਨਿਰਾਸ਼ ਹੋ ਕੇ ਹੌਲੀ, ਹੌਲੀ ਆਪਣੇ ਘਰ ਨੂੰ ਤੁਰ ਪਿਆ। ਉਹ ਘਰ ਪਹੁੰਚਣ ਹੀ ਵਾਲਾ ਸੀ ਕਿ ਪਿੱਛੋਂ ਸਾਈਕਲ ਤੇ ਆ ਰਹੇ ਉਸ ਦੇ ਗੁਆਂਢੀ ਗੀਰੇ ਨੇ ਆਖਿਆ, 'ਮੈਂ ਲਕਸ਼ਮੀ ਕਰਿਆਨਾ ਸਟੋਰ ਤੋਂ ਖਾਣ-ਪੀਣ ਦਾ ਸਾਮਾਨ ਲੈਣ ਗਿਆ ਸੀ। ਮੈਨੂੰ ਸਾਮਾਨ ਦਿੰਦਾ, ਦਿੰਦਾ ਹਰੀਸ਼ ਠਾਹ ਕਰਦਾ ਥੱਲੇ ਡਿੱਗ ਪਿਆ। ਹੁਣ ਉਸ ਨੂੰ ਗੱਡੀ 'ਚ ਪਾ ਕੇ ਰਾਜਾ ਹਸਪਤਾਲ ਲੈ ਗਏ ਆ। ਪਤਾ ਨੀ ਹੁਣ ਵਿਚਾਰੇ ਦਾ ਕੀ ਹਾਲ ਆ?' 'ਇਹ ਤਾਂ ਬਹੁਤ ਮਾੜਾ ਹੋਇਆ।' ਏਨਾ ਕਹਿ ਕੇ ਸੋਢੀ ਆਪਣੇ ਘਰ ਅੰਦਰ ਚਲਾ ਗਿਆ। ਫਿਰ ਪਤਾ ਨਹੀਂ ਕੀ ਸੋਚ ਕੇ ਉਸ ਨੇ ਆਪਣੇ ਡੈਡੀ ਵਾਲਾ ਸਾਈਕਲ ਚੁੱਕਿਆ ਤੇ ਰਾਜਾ ਹਸਪਤਾਲ ਨੂੰ ਤੁਰ ਪਿਆ, ਜੋ ਕਿ ਉਸ ਦੇ ਘਰ ਤੋਂ ਬਾਰਾਂ ਕੁ ਕਿਲੋਮੀਟਰ ਦੂਰ ਸੀ।

—ਮੋਹਿੰਦਰ ਮਾਨ
ਸੋਹਣੇ, ਸੁਨੱਖੇ ਮੁੰਡੇ

ਗੁਰਵਿੰਦਰ ਦੀ ਇਹ ਦਿਲੀ ਇੱਛਾ ਸੀ ਕਿ ਉਸ ਦਾ ਵਿਆਹ ਕਿਸੇ ਸੋਹਣੇ, ਸੁਨੱਖੇ ਮੁੰਡੇ ਨਾਲ ਹੋਵੇ। ਆਖਰ ਉਸ ਦੀ ਇਹ ਇੱਛਾ ਪੂਰੀ ਹੋ ਗਈ। ਉਸ ਦਾ ਵਿਆਹ ਕੁੰਲੋਵਾਲ ਪਿੰਡ ਵਿੱਚ ਸੋਹਣੇ, ਸੁਨੱਖੇ ਸ਼ਾਮ ਨਾਲ ਹੋ ਗਿਆ। ਉਸ ਨੇ ਸ਼ਾਮ ਦਾ ਘਰ ਬਾਰ ਦੇਖਣ ਦੀ ਵੀ ਲੋੜ ਨਹੀਂ ਸੀ ਸਮਝੀ। ਉਸ ਦਾ ਵਿਆਹ ਹੋਏ ਨੂੰ ਤਿੰਨ ਮਹੀਨੇ ਹੀ ਹੋਏ ਸਨ ਕਿ ਉਸ ਨੂੰ ਸ਼ਾਮ ਦੇ ਘਰ ਦੀ ਅਸਲੀਅਤ ਦਾ ਪਤਾ ਲੱਗ ਗਿਆ। ਸ਼ਾਮ ਆਪਣੇ ਵੱਡੇ ਭਰਾ ਅਤੇ ਛੋਟੇ ਭਰਾ ਨਾਲ ਮਿਲ ਕੇ ਕੰਮ ਕਰਦਾ ਸੀ। ਤਿੰਨਾਂ ਨੂੰ ਜੋ ਕੁੱਝ ਮਿਲਦਾ, ਉਹ ਵੱਡਾ ਭਰਾ ਰੱਖ ਲੈਂਦਾ ਤੇ ਸਭ ਦੀਆਂ ਲੋੜਾਂ ਪੂਰੀਆਂ ਕਰਦਾ। ਸ਼ਾਮ ਦਾ ਵੱਡਾ ਭਰਾ ਕੰਜੂਸ ਸੀ। ਉਹ ਨਿੱਤ ਵਰਤੋਂ ਦੀਆਂ ਚੀਜ਼ਾਂ ਲੈਣ ਨੂੰ ਵੀ ਪੈਸੇ ਨਹੀਂ ਸੀ ਦਿੰਦੀ।

ਉਹ ਮੰਗਣ ਤੇ ਸ਼ਾਮ ਨੂੰ ਵੀ ਕੁੱਝ ਨਹੀਂ ਸੀ ਦਿੰਦੀ ਪਰ ਕਹਿੰਦਾ ਕੁੱਝ ਨਾ ਕਿਉਂਕਿ ਉਸ ਦਾ ਆਪਣਾ ਦਿਮਾਗ਼ ਕੰਮ ਨਹੀਂ ਸੀ ਕਰਦਾ। ਜੇ ਗੁਰਵਿੰਦਰ ਸ਼ਾਮ ਨੂੰ ਕੁੱਝ ਕਹਿੰਦੀ, ਤਾਂ ਉਹ ਜਾ ਕੇ ਆਪਣੀ ਵੱਡੀ ਭਰਜਾਈ ਨੂੰ ਦੱਸ ਦਿੰਦਾ। ਵੱਡੀ ਭਰਜਾਈ ਗੁਰਵਿੰਦਰ ਨੂੰ ਵੱਧ, ਘੱਟ ਬੋਲ ਕੇ ਚੁੱਪ ਕਰਾ ਦਿੰਦੀ। ਇਸ ਤਰ੍ਹਾਂ ਬਹੁਤਾ ਸਮਾਂ ਨਾ ਲੰਘਿਆ। ਗੁਰਵਿੰਦਰ ਆਪਣੇ ਪੇਕੇ ਆ ਕੇ ਆਪਣੀ ਮੰਮੀ ਕੋਲ ਰਹਿਣ ਲੱਗ ਪਈ। ਅੱਜ ਜਦੋਂ ਗੁਰਵਿੰਦਰ ਦੀ ਭਾਣਜੀ ਮਨਜੀਤ ਦਾ ਫੋਨ

ਆਇਆ ਕਿ ਉਸ ਦਾ ਰਿਸ਼ਤਾ ਸੋਹਣੇ, ਸੁਨੱਖੇ ਮੁੰਡੇ ਨਾਲ ਹੁੰਦਾ ਆ, ਤਾਂ ਉਸ ਨੇ ਮਨਜੀਤ ਨੂੰ ਝੱਟ ਆਖਿਆ, 'ਮਨਜੀਤ ਮੁੰਡਿਆਂ ਦੇ ਰੰਗ, ਰੂਪ ਨੀ ਦੇਖੀਦੇ। ਸਗੋਂ ਕੰਮ, ਅਕਲ ਤੇ ਘਰ, ਬਾਰ ਦੇਖੀਦੇ ਆ। ਮੈਂ ਸੋਹਣੇ, ਸੁਨੱਖੇ ਨਾਲ ਵਿਆਹ ਕਰਵਾ ਕੇ ਪਛਤਾ ਰਹੀ ਆਂ। ਉਸ ਵੇਲੇ ਜੇਕਰ ਮੈਂ ਇਹ ਸਭ ਕੁੱਝ ਦੇਖਿਆ ਹੁੰਦਾ, ਤਾਂ ਅੱਜ ਪੇਕੀਂ ਨਾ ਬੈਠੀ ਹੁੰਦੀ।' ਮਨਜੀਤ ਨੂੰ ਗੱਲ ਸਮਝ ਆ ਗਈ ਸੀ ਤੇ ਉਸ ਨੇ ਗੁਰਵਿੰਦਰ ਦੀ ਹਾਂ ਵਿੱਚ ਹਾਂ ਮਿਲਾ ਕੇ ਫੋਨ ਬੰਦ ਕਰ ਦਿੱਤਾ।

—ਮੋਹਿੰਦਰ ਮਾਨ
